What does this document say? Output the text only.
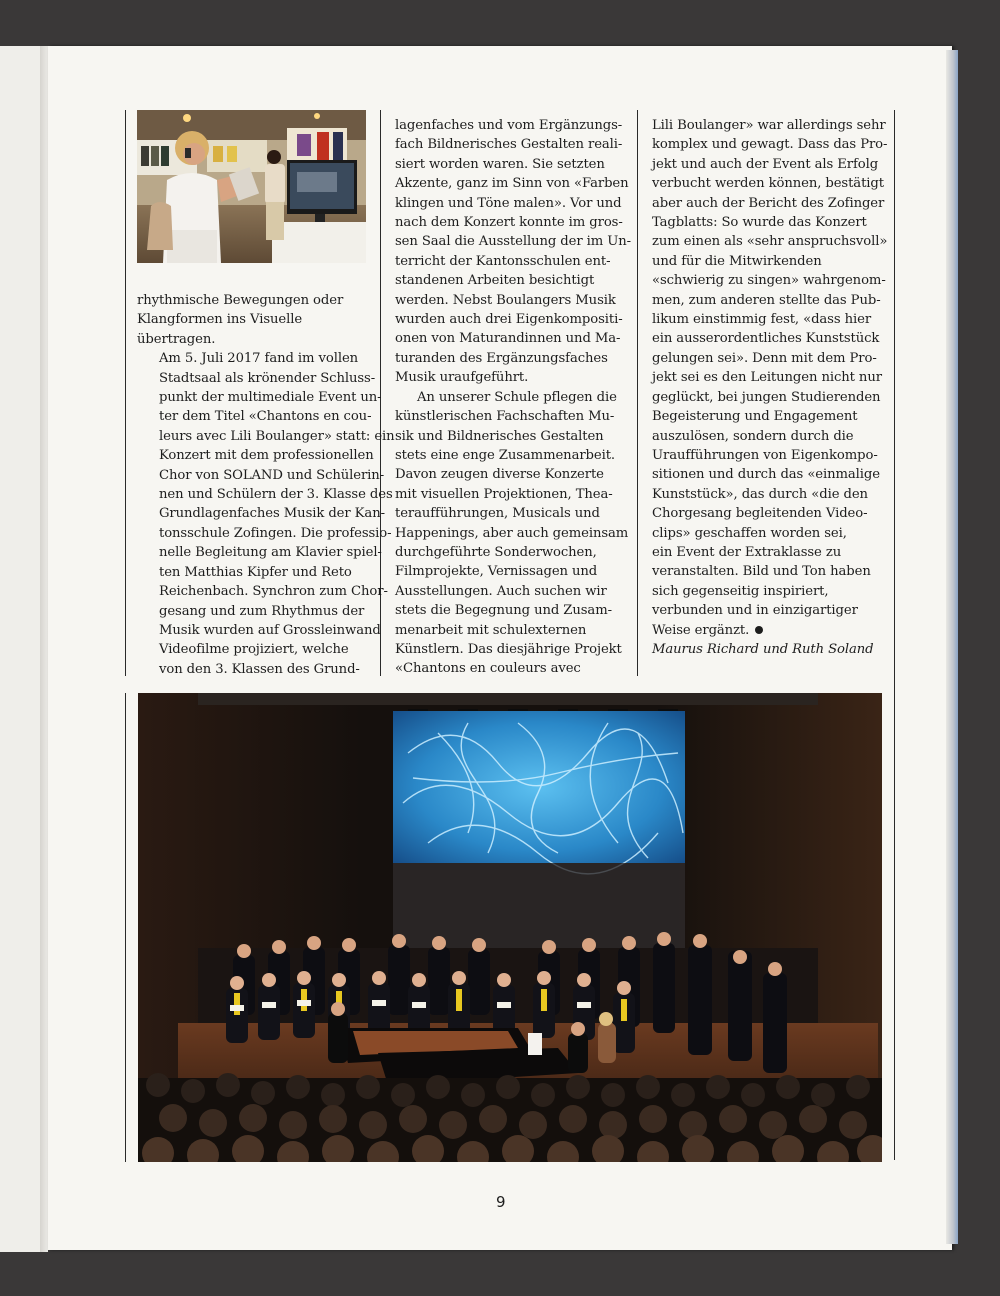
rhythmische Bewegungen oder
Klangformen ins Visuelle
übertragen.

Am 5. Juli 2017 fand im vollen
Stadtsaal als krönender Schluss-
punkt der multimediale Event un-
ter dem Titel «Chantons en cou-
leurs avec Lili Boulanger» statt: ein
Konzert mit dem professionellen
Chor von SOLAND und Schülerin-
nen und Schülern der 3. Klasse des
Grundlagenfaches Musik der Kan-
tonsschule Zofingen. Die professio-
nelle Begleitung am Klavier spiel-
ten Matthias Kipfer und Reto
Reichenbach. Synchron zum Chor-
gesang und zum Rhythmus der
Musik wurden auf Grossleinwand
Videofilme projiziert, welche
von den 3. Klassen des Grund-

lagenfaches und vom Ergänzungs-
fach Bildnerisches Gestalten reali-
siert worden waren. Sie setzten
Akzente, ganz im Sinn von «Farben
klingen und Töne malen». Vor und
nach dem Konzert konnte im gros-
sen Saal die Ausstellung der im Un-
terricht der Kantonsschulen ent-
standenen Arbeiten besichtigt
werden. Nebst Boulangers Musik
wurden auch drei Eigenkompositi-
onen von Maturandinnen und Ma-
turanden des Ergänzungsfaches
Musik uraufgeführt.

An unserer Schule pflegen die
künstlerischen Fachschaften Mu-
sik und Bildnerisches Gestalten
stets eine enge Zusammenarbeit.
Davon zeugen diverse Konzerte
mit visuellen Projektionen, Thea-
teraufführungen, Musicals und
Happenings, aber auch gemeinsam
durchgeführte Sonderwochen,
Filmprojekte, Vernissagen und
Ausstellungen. Auch suchen wir
stets die Begegnung und Zusam-
menarbeit mit schulexternen
Künstlern. Das diesjährige Projekt
«Chantons en couleurs avec

Lili Boulanger» war allerdings sehr
komplex und gewagt. Dass das Pro-
jekt und auch der Event als Erfolg
verbucht werden können, bestätigt
aber auch der Bericht des Zofinger
Tagblatts: So wurde das Konzert
zum einen als «sehr anspruchsvoll»
und für die Mitwirkenden
«schwierig zu singen» wahrgenom-
men, zum anderen stellte das Pub-
likum einstimmig fest, «dass hier
ein ausserordentliches Kunststück
gelungen sei». Denn mit dem Pro-
jekt sei es den Leitungen nicht nur
geglückt, bei jungen Studierenden
Begeisterung und Engagement
auszulösen, sondern durch die
Uraufführungen von Eigenkompo-
sitionen und durch das «einmalige
Kunststück», das durch «die den
Chorgesang begleitenden Video-
clips» geschaffen worden sei,
ein Event der Extraklasse zu
veranstalten. Bild und Ton haben
sich gegenseitig inspiriert,
verbunden und in einzigartiger
Weise ergänzt.

Maurus Richard und Ruth Soland

9
